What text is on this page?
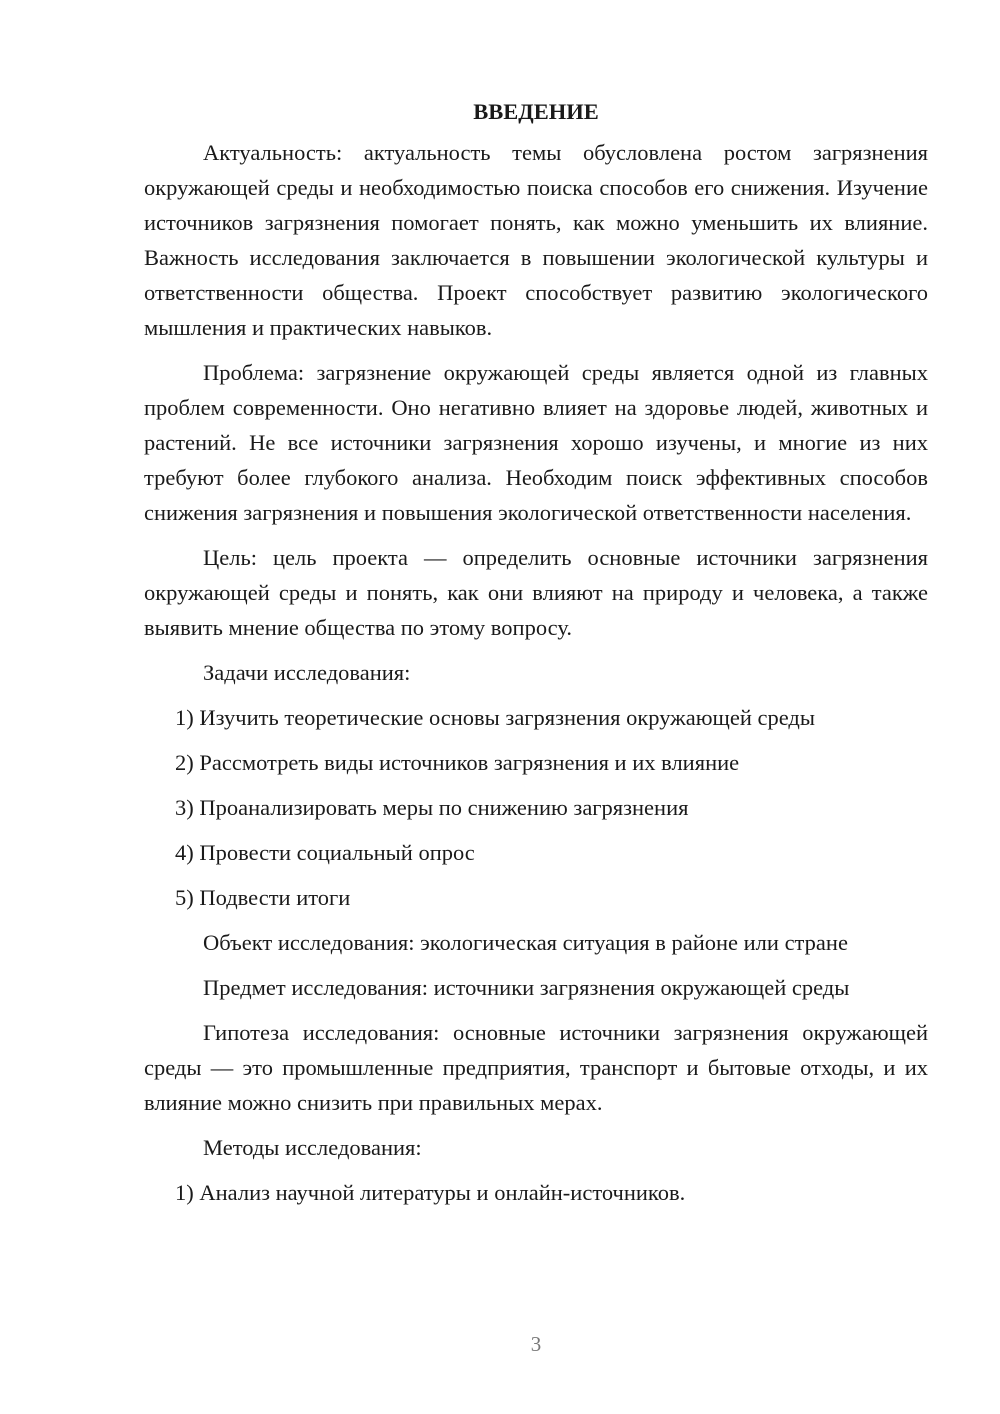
ВВЕДЕНИЕ

Актуальность: актуальность темы обусловлена ростом загрязнения окружающей среды и необходимостью поиска способов его снижения. Изучение источников загрязнения помогает понять, как можно уменьшить их влияние. Важность исследования заключается в повышении экологической культуры и ответственности общества. Проект способствует развитию экологического мышления и практических навыков.

Проблема: загрязнение окружающей среды является одной из главных проблем современности. Оно негативно влияет на здоровье людей, животных и растений. Не все источники загрязнения хорошо изучены, и многие из них требуют более глубокого анализа. Необходим поиск эффективных способов снижения загрязнения и повышения экологической ответственности населения.

Цель: цель проекта — определить основные источники загрязнения окружающей среды и понять, как они влияют на природу и человека, а также выявить мнение общества по этому вопросу.

Задачи исследования:

1) Изучить теоретические основы загрязнения окружающей среды

2) Рассмотреть виды источников загрязнения и их влияние

3) Проанализировать меры по снижению загрязнения

4) Провести социальный опрос

5) Подвести итоги

Объект исследования: экологическая ситуация в районе или стране

Предмет исследования: источники загрязнения окружающей среды

Гипотеза исследования: основные источники загрязнения окружающей среды — это промышленные предприятия, транспорт и бытовые отходы, и их влияние можно снизить при правильных мерах.

Методы исследования:

1) Анализ научной литературы и онлайн-источников.

3
